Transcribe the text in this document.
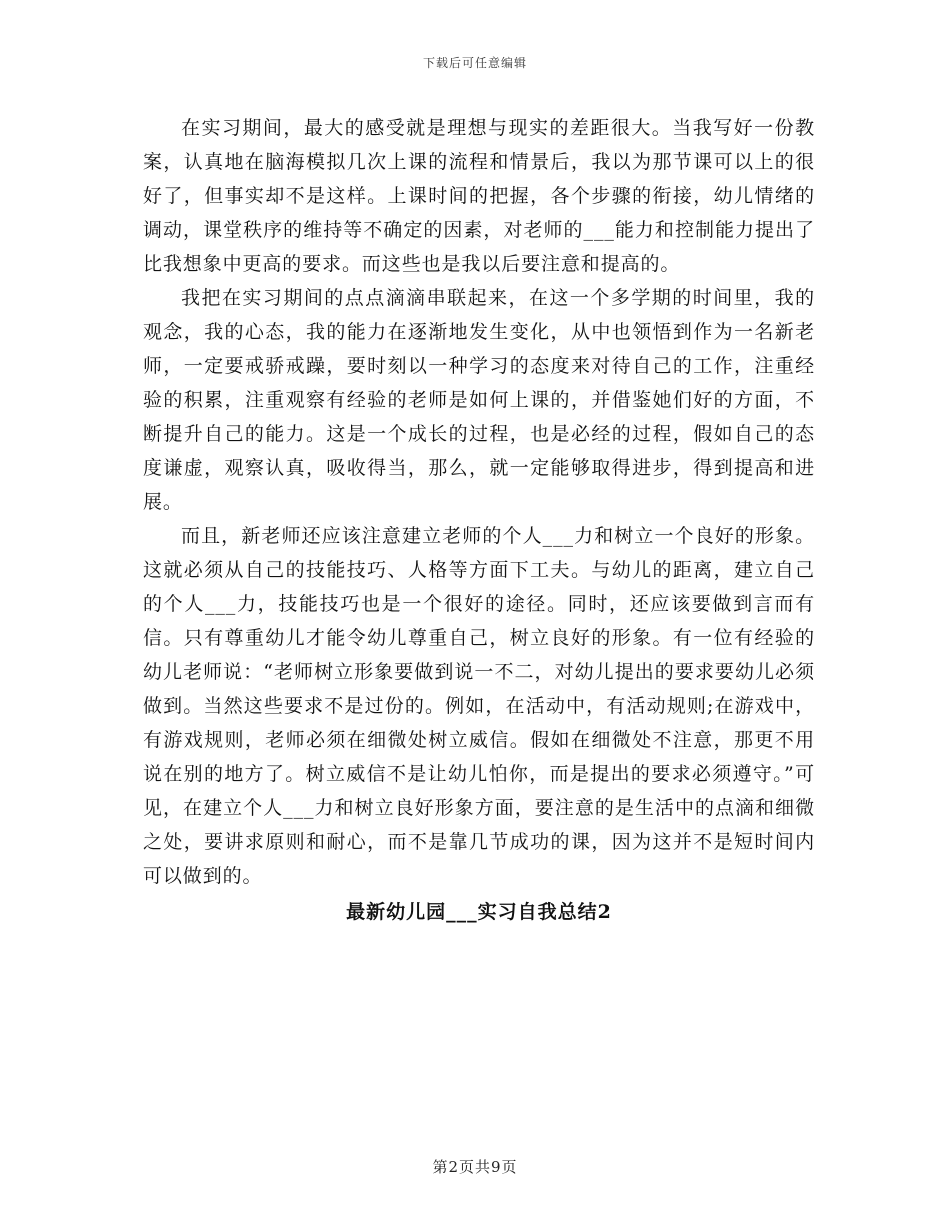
下载后可任意编辑

在实习期间，最大的感受就是理想与现实的差距很大。当我写好一份教案，认真地在脑海模拟几次上课的流程和情景后，我以为那节课可以上的很好了，但事实却不是这样。上课时间的把握，各个步骤的衔接，幼儿情绪的调动，课堂秩序的维持等不确定的因素，对老师的___能力和控制能力提出了比我想象中更高的要求。而这些也是我以后要注意和提高的。

我把在实习期间的点点滴滴串联起来，在这一个多学期的时间里，我的观念，我的心态，我的能力在逐渐地发生变化，从中也领悟到作为一名新老师，一定要戒骄戒躁，要时刻以一种学习的态度来对待自己的工作，注重经验的积累，注重观察有经验的老师是如何上课的，并借鉴她们好的方面，不断提升自己的能力。这是一个成长的过程，也是必经的过程，假如自己的态度谦虚，观察认真，吸收得当，那么，就一定能够取得进步，得到提高和进展。

而且，新老师还应该注意建立老师的个人___力和树立一个良好的形象。这就必须从自己的技能技巧、人格等方面下工夫。与幼儿的距离，建立自己的个人___力，技能技巧也是一个很好的途径。同时，还应该要做到言而有信。只有尊重幼儿才能令幼儿尊重自己，树立良好的形象。有一位有经验的幼儿老师说：“老师树立形象要做到说一不二，对幼儿提出的要求要幼儿必须做到。当然这些要求不是过份的。例如，在活动中，有活动规则;在游戏中，有游戏规则，老师必须在细微处树立威信。假如在细微处不注意，那更不用说在别的地方了。树立威信不是让幼儿怕你，而是提出的要求必须遵守。”可见，在建立个人___力和树立良好形象方面，要注意的是生活中的点滴和细微之处，要讲求原则和耐心，而不是靠几节成功的课，因为这并不是短时间内可以做到的。

最新幼儿园___实习自我总结2
第2页共9页
